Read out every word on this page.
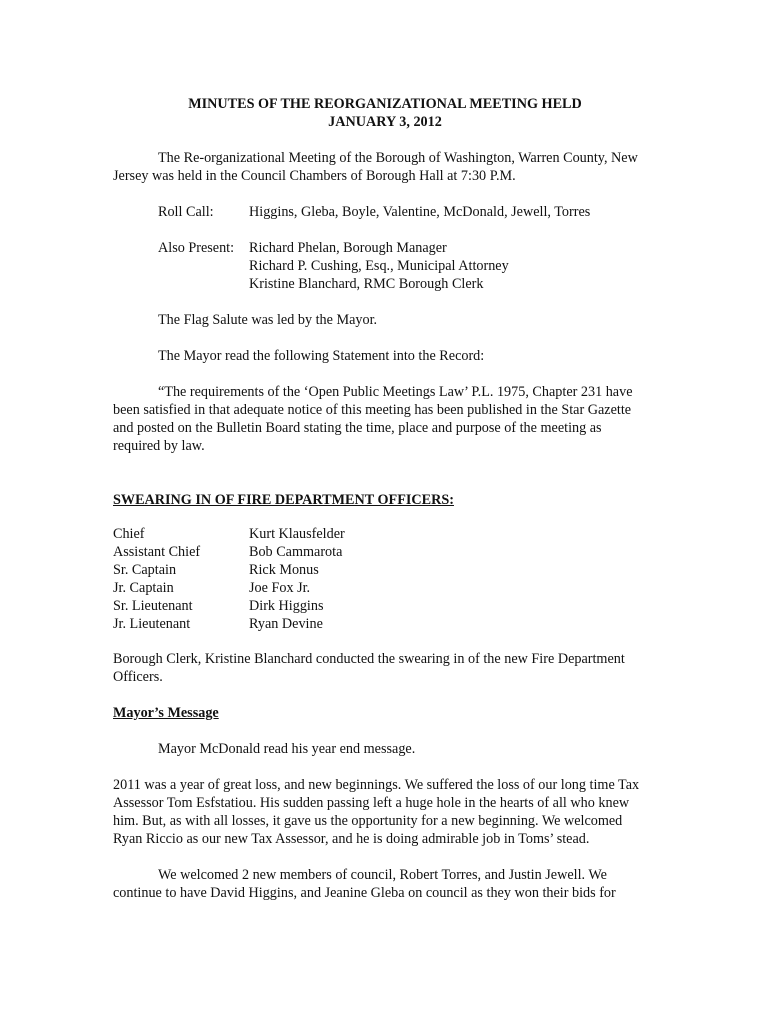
MINUTES OF THE REORGANIZATIONAL MEETING HELD
JANUARY 3, 2012
The Re-organizational Meeting of the Borough of Washington, Warren County, New
Jersey was held in the Council Chambers of Borough Hall at 7:30 P.M.
Roll Call: Higgins, Gleba, Boyle, Valentine, McDonald, Jewell, Torres
Also Present: Richard Phelan, Borough Manager
Richard P. Cushing, Esq., Municipal Attorney
Kristine Blanchard, RMC Borough Clerk
The Flag Salute was led by the Mayor.
The Mayor read the following Statement into the Record:
“The requirements of the ‘Open Public Meetings Law’ P.L. 1975, Chapter 231 have
been satisfied in that adequate notice of this meeting has been published in the Star Gazette
and posted on the Bulletin Board stating the time, place and purpose of the meeting as
required by law.
SWEARING IN OF FIRE DEPARTMENT OFFICERS:
Chief	Kurt Klausfelder
Assistant Chief	Bob Cammarota
Sr. Captain	Rick Monus
Jr. Captain	Joe Fox Jr.
Sr. Lieutenant	Dirk Higgins
Jr. Lieutenant	Ryan Devine
Borough Clerk, Kristine Blanchard conducted the swearing in of the new Fire Department
Officers.
Mayor’s Message
Mayor McDonald read his year end message.
2011 was a year of great loss, and new beginnings. We suffered the loss of our long time Tax
Assessor Tom Esfstatiou. His sudden passing left a huge hole in the hearts of all who knew
him. But, as with all losses, it gave us the opportunity for a new beginning. We welcomed
Ryan Riccio as our new Tax Assessor, and he is doing admirable job in Toms’ stead.
We welcomed 2 new members of council, Robert Torres, and Justin Jewell. We
continue to have David Higgins, and Jeanine Gleba on council as they won their bids for
